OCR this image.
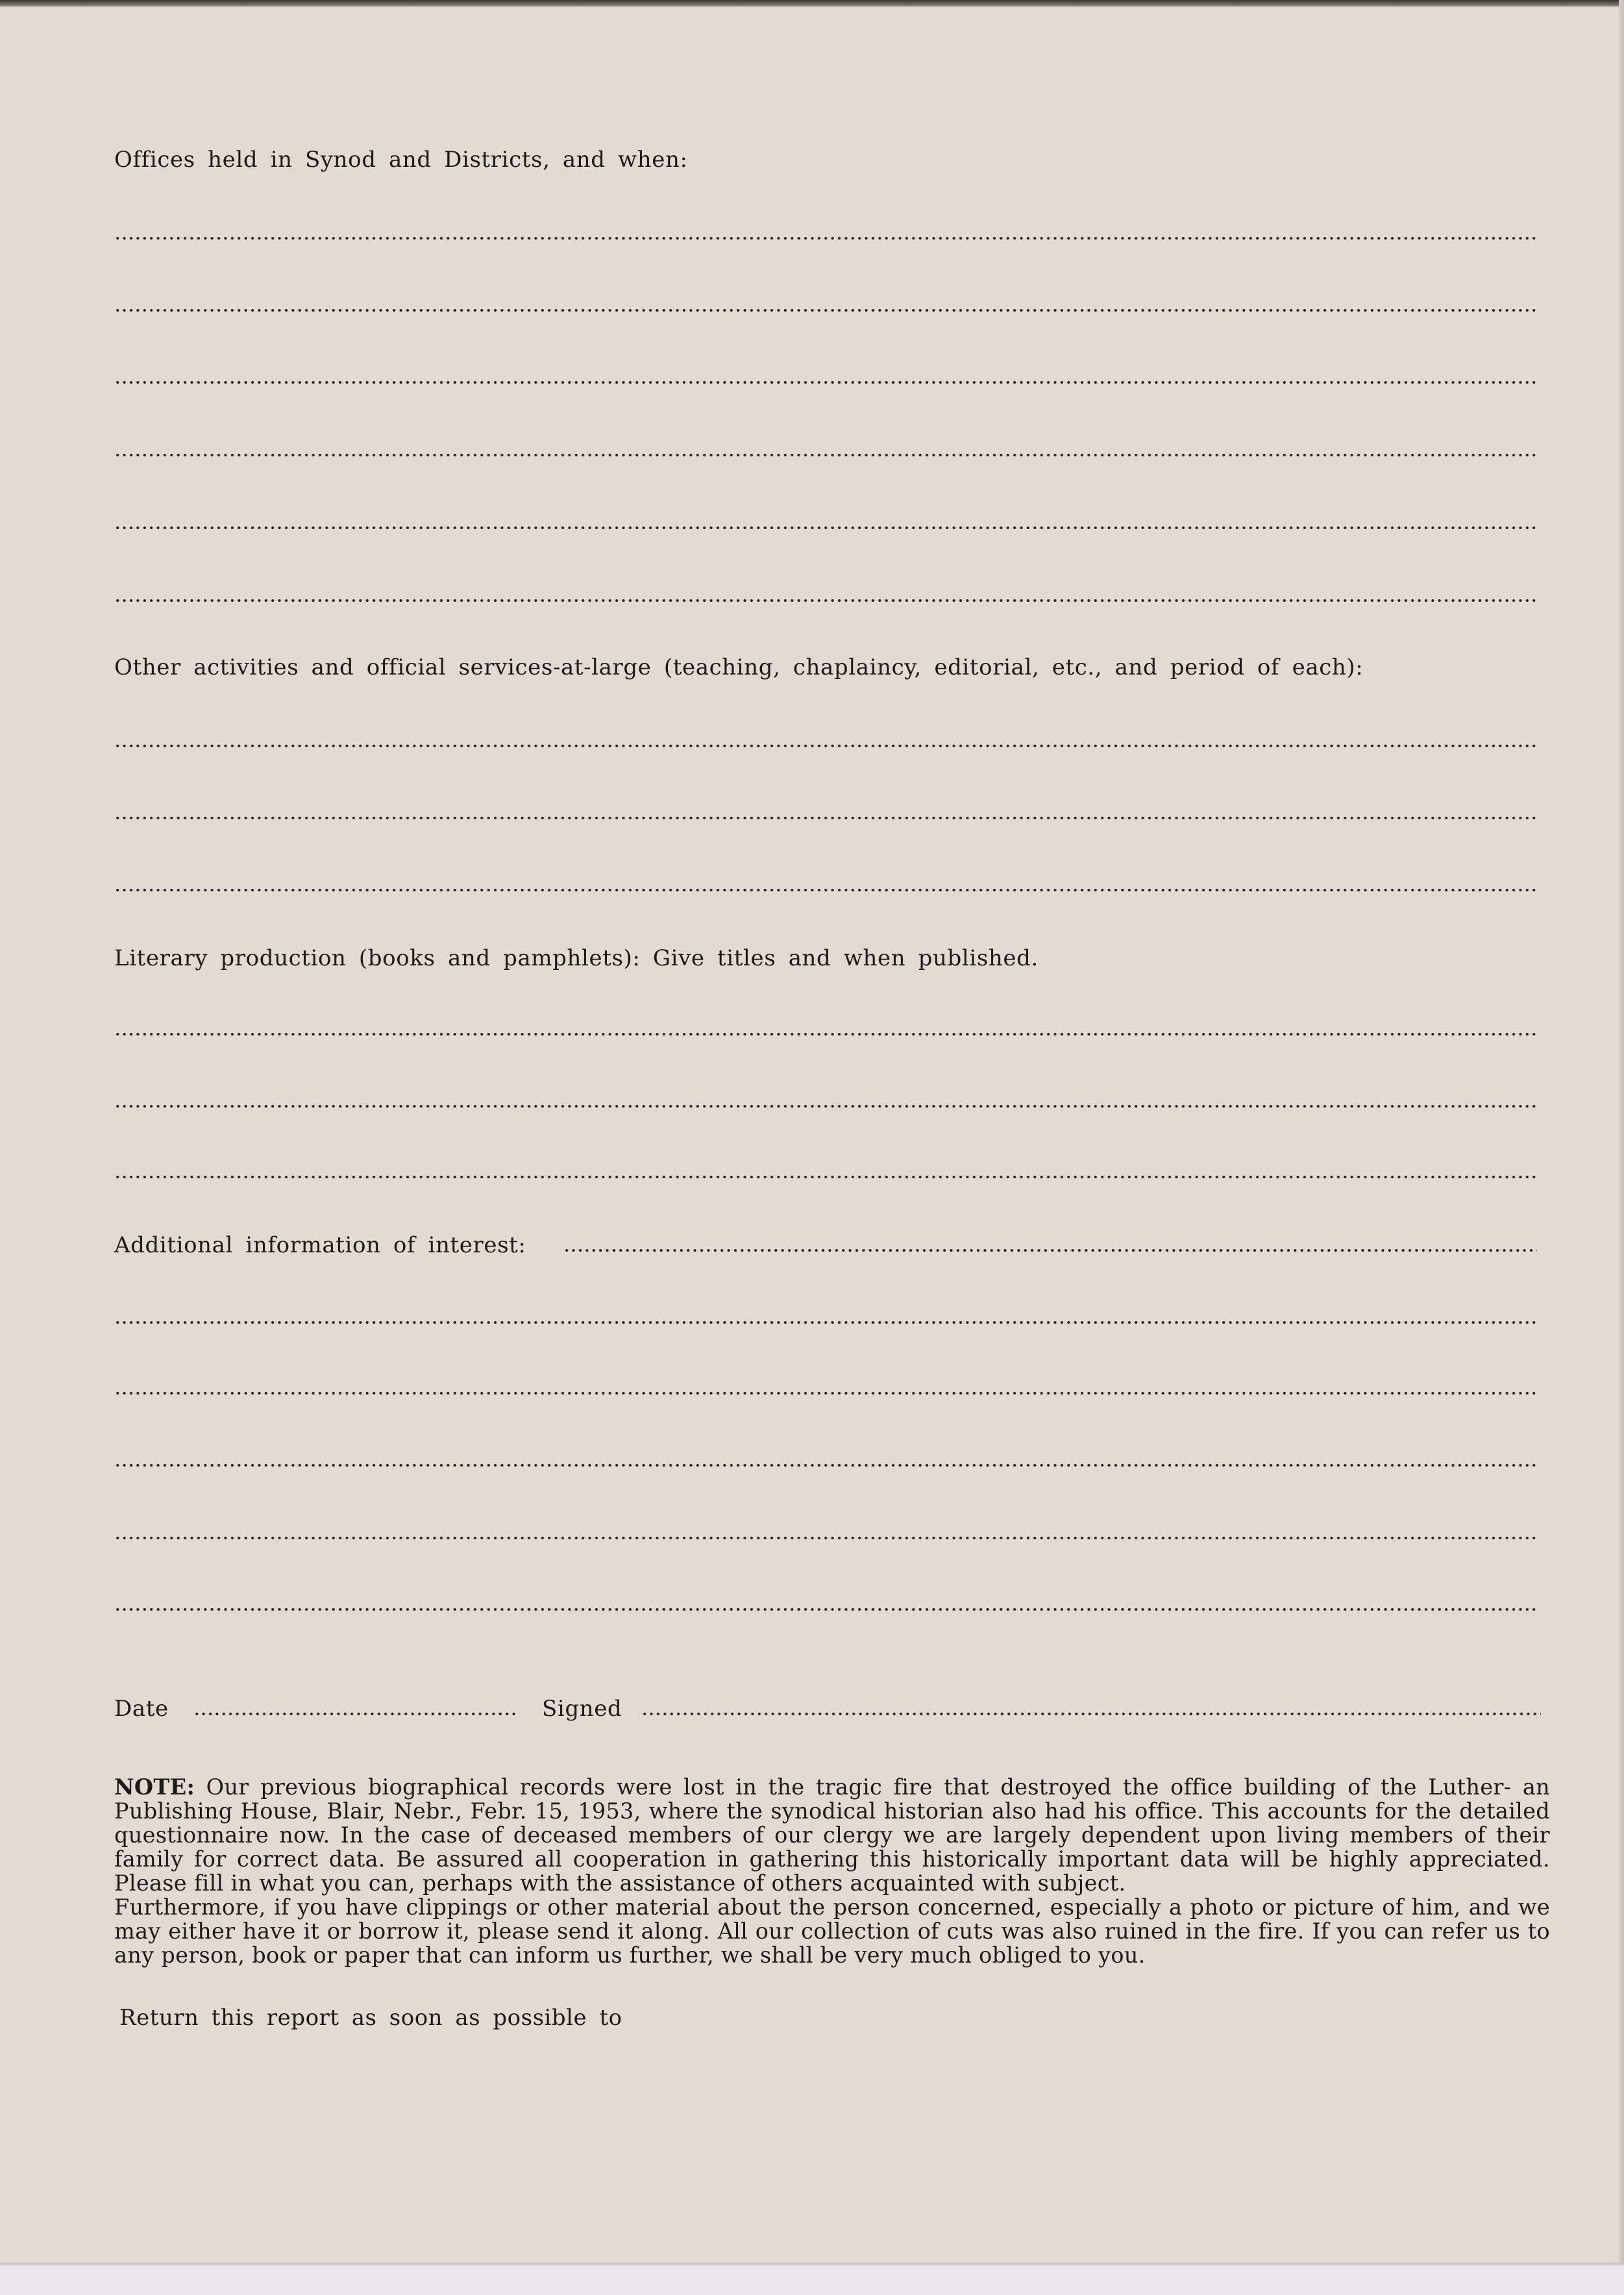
Offices held in Synod and Districts, and when:
Other activities and official services-at-large (teaching, chaplaincy, editorial, etc., and period of each):
Literary production (books and pamphlets): Give titles and when published.
Additional information of interest:
Date	Signed
NOTE: Our previous biographical records were lost in the tragic fire that destroyed the office building of the Luther- an Publishing House, Blair, Nebr., Febr. 15, 1953, where the synodical historian also had his office. This accounts for the detailed questionnaire now. In the case of deceased members of our clergy we are largely dependent upon living members of their family for correct data. Be assured all cooperation in gathering this historically important data will be highly appreciated. Please fill in what you can, perhaps with the assistance of others acquainted with subject.
Furthermore, if you have clippings or other material about the person concerned, especially a photo or picture of him, and we may either have it or borrow it, please send it along. All our collection of cuts was also ruined in the fire. If you can refer us to any person, book or paper that can inform us further, we shall be very much obliged to you.

Return this report as soon as possible to
